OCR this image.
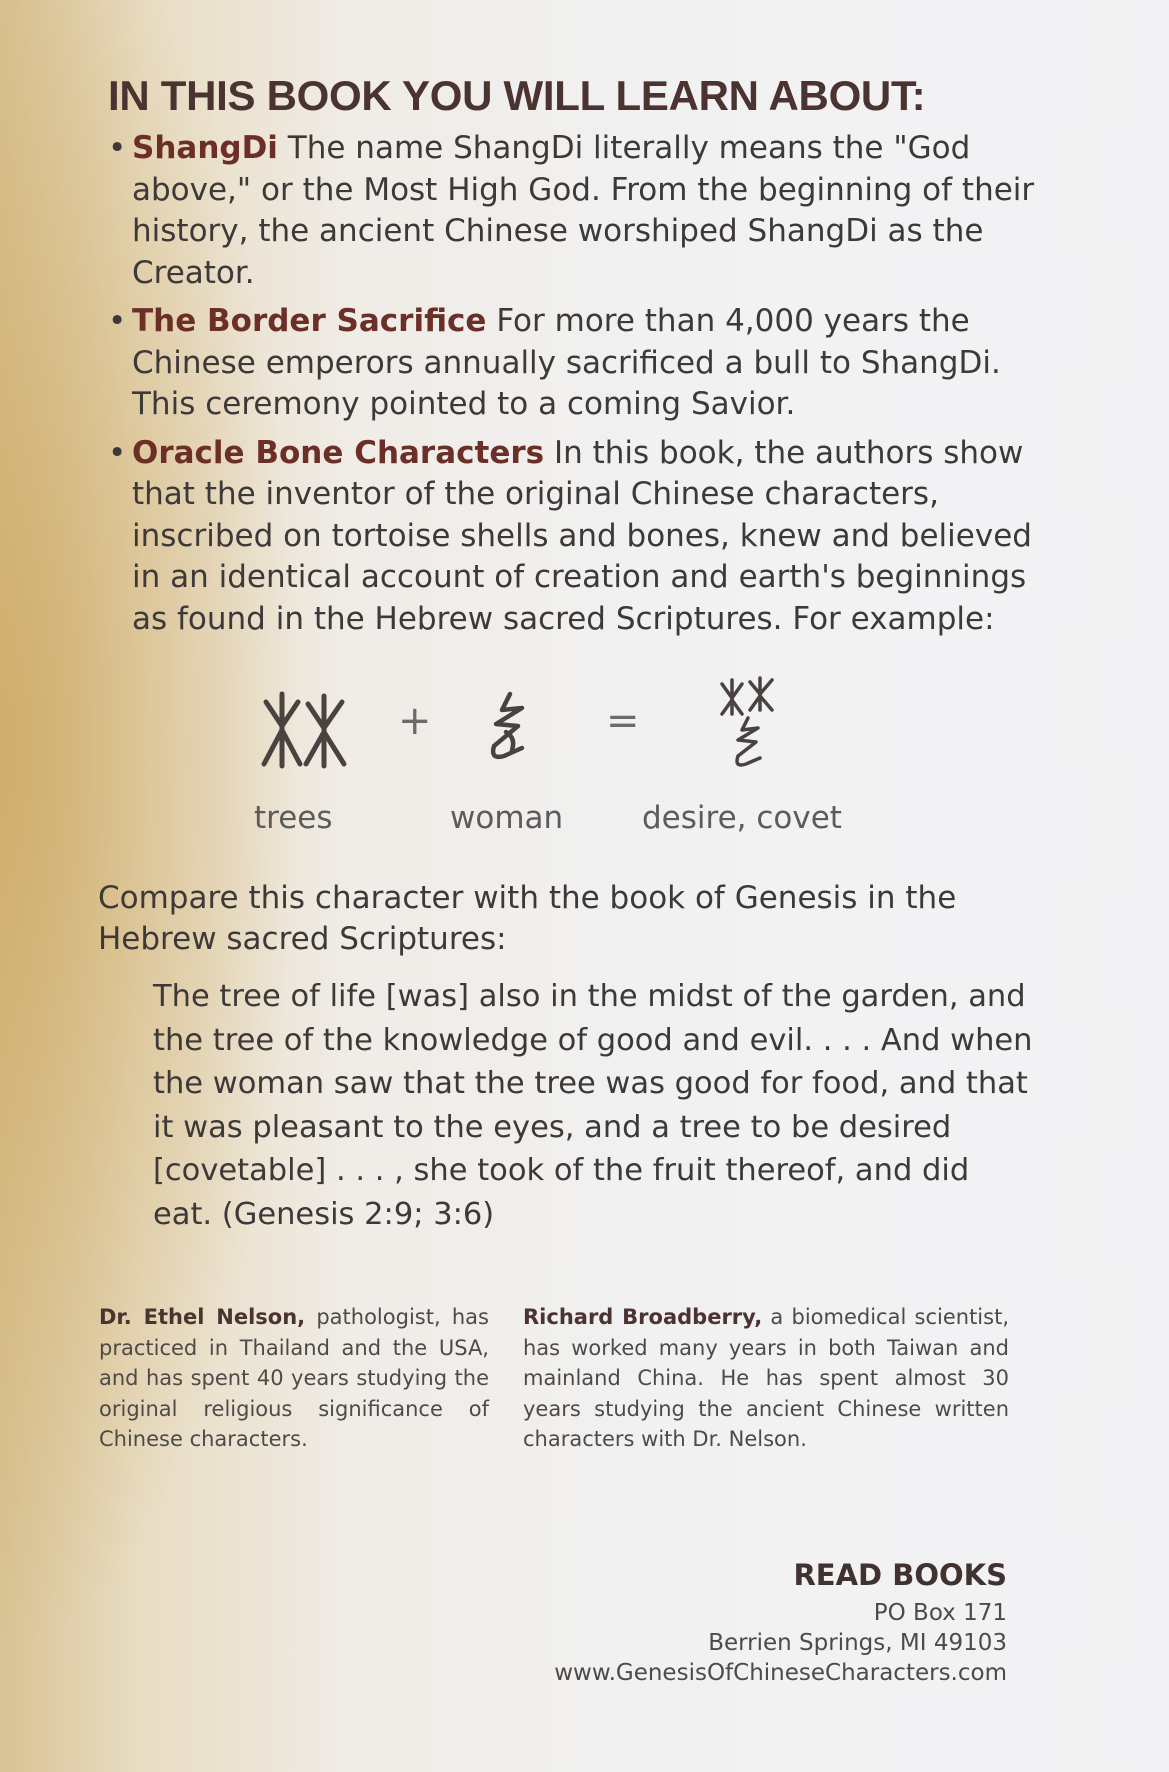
IN THIS BOOK YOU WILL LEARN ABOUT:
• ShangDi The name ShangDi literally means the "God above," or the Most High God. From the beginning of their history, the ancient Chinese worshiped ShangDi as the Creator.
• The Border Sacrifice For more than 4,000 years the Chinese emperors annually sacrificed a bull to ShangDi. This ceremony pointed to a coming Savior.
• Oracle Bone Characters In this book, the authors show that the inventor of the original Chinese characters, inscribed on tortoise shells and bones, knew and believed in an identical account of creation and earth's beginnings as found in the Hebrew sacred Scriptures. For example:
+	=
trees	woman	desire, covet

Compare this character with the book of Genesis in the Hebrew sacred Scriptures:

The tree of life [was] also in the midst of the garden, and the tree of the knowledge of good and evil. . . . And when the woman saw that the tree was good for food, and that it was pleasant to the eyes, and a tree to be desired [covetable] . . . , she took of the fruit thereof, and did eat. (Genesis 2:9; 3:6)

Dr. Ethel Nelson, pathologist, has practiced in Thailand and the USA, and has spent 40 years studying the original religious significance of Chinese characters.

Richard Broadberry, a biomedical scientist, has worked many years in both Taiwan and mainland China. He has spent almost 30 years studying the ancient Chinese written characters with Dr. Nelson.

READ BOOKS
PO Box 171
Berrien Springs, MI 49103
www.GenesisOfChineseCharacters.com
